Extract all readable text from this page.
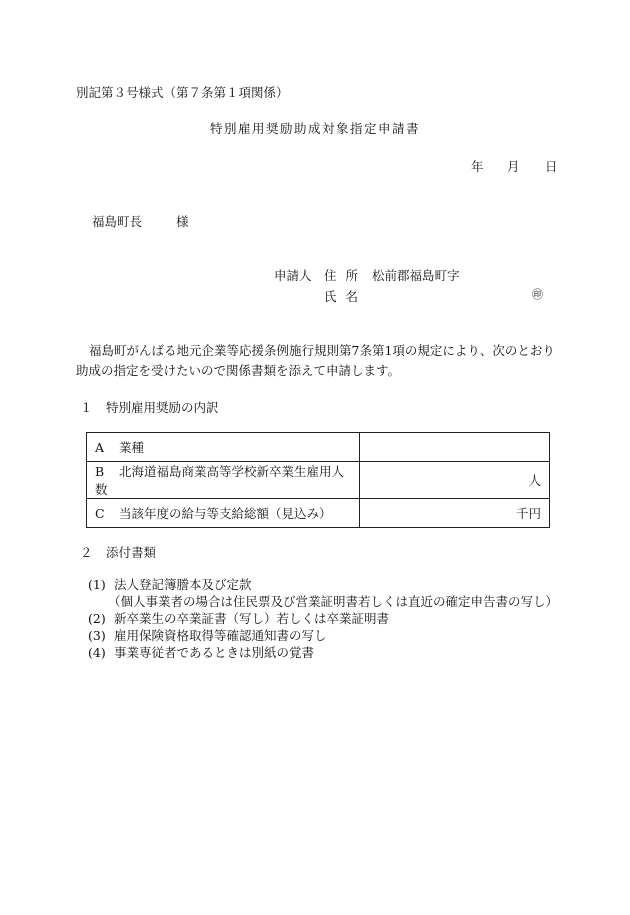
別記第３号様式（第７条第１項関係）
特別雇用奨励助成対象指定申請書
年 月 日
福島町長	様
申請人 住所 松前郡福島町字
氏名	㊞
福島町がんばる地元企業等応援条例施行規則第7条第1項の規定により、次のとおり助成の指定を受けたいので関係書類を添えて申請します。
１ 特別雇用奨励の内訳
A 業種	
B 北海道福島商業高等学校新卒業生雇用人数	人
C 当該年度の給与等支給総額（見込み）	千円
２ 添付書類
(1) 法人登記簿謄本及び定款
（個人事業者の場合は住民票及び営業証明書若しくは直近の確定申告書の写し）
(2) 新卒業生の卒業証書（写し）若しくは卒業証明書
(3) 雇用保険資格取得等確認通知書の写し
(4) 事業専従者であるときは別紙の覚書
